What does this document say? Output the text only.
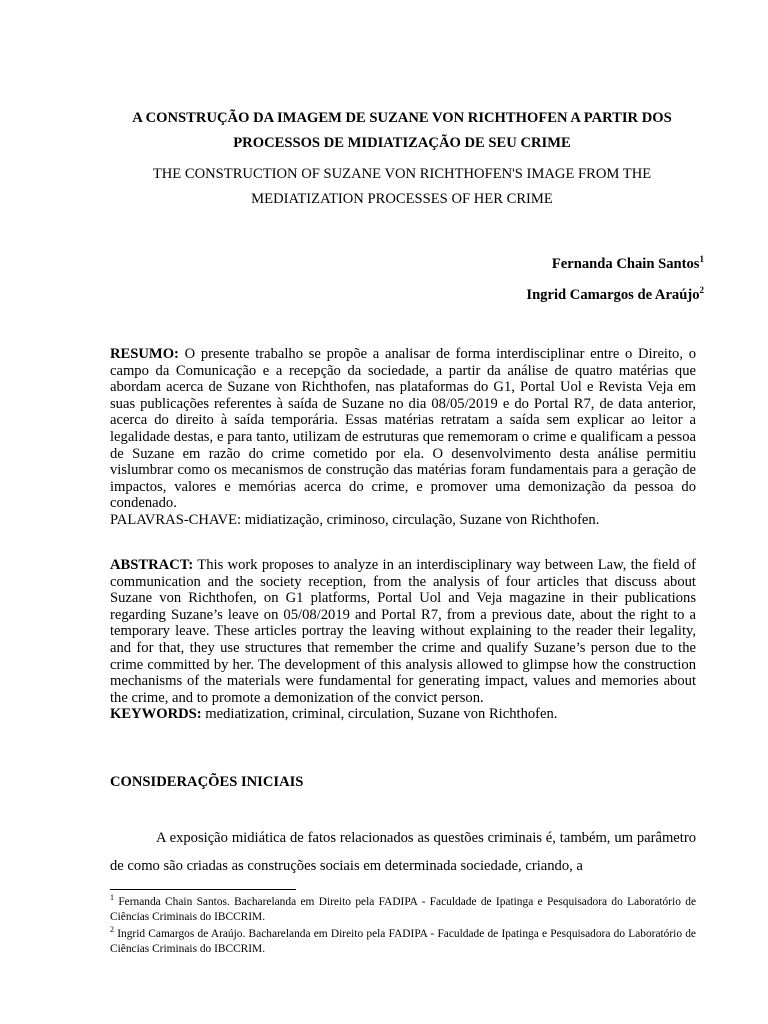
A CONSTRUÇÃO DA IMAGEM DE SUZANE VON RICHTHOFEN A PARTIR DOS PROCESSOS DE MIDIATIZAÇÃO DE SEU CRIME

THE CONSTRUCTION OF SUZANE VON RICHTHOFEN'S IMAGE FROM THE MEDIATIZATION PROCESSES OF HER CRIME

Fernanda Chain Santos$^1$

Ingrid Camargos de Araújo$^2$

RESUMO: O presente trabalho se propõe a analisar de forma interdisciplinar entre o Direito, o campo da Comunicação e a recepção da sociedade, a partir da análise de quatro matérias que abordam acerca de Suzane von Richthofen, nas plataformas do G1, Portal Uol e Revista Veja em suas publicações referentes à saída de Suzane no dia 08/05/2019 e do Portal R7, de data anterior, acerca do direito à saída temporária. Essas matérias retratam a saída sem explicar ao leitor a legalidade destas, e para tanto, utilizam de estruturas que rememoram o crime e qualificam a pessoa de Suzane em razão do crime cometido por ela. O desenvolvimento desta análise permitiu vislumbrar como os mecanismos de construção das matérias foram fundamentais para a geração de impactos, valores e memórias acerca do crime, e promover uma demonização da pessoa do condenado.
PALAVRAS-CHAVE: midiatização, criminoso, circulação, Suzane von Richthofen.
ABSTRACT: This work proposes to analyze in an interdisciplinary way between Law, the field of communication and the society reception, from the analysis of four articles that discuss about Suzane von Richthofen, on G1 platforms, Portal Uol and Veja magazine in their publications regarding Suzane’s leave on 05/08/2019 and Portal R7, from a previous date, about the right to a temporary leave. These articles portray the leaving without explaining to the reader their legality, and for that, they use structures that remember the crime and qualify Suzane’s person due to the crime committed by her. The development of this analysis allowed to glimpse how the construction mechanisms of the materials were fundamental for generating impact, values and memories about the crime, and to promote a demonization of the convict person.
KEYWORDS: mediatization, criminal, circulation, Suzane von Richthofen.

CONSIDERAÇÕES INICIAIS

A exposição midiática de fatos relacionados as questões criminais é, também, um parâmetro de como são criadas as construções sociais em determinada sociedade, criando, a

$^1$ Fernanda Chain Santos. Bacharelanda em Direito pela FADIPA - Faculdade de Ipatinga e Pesquisadora do Laboratório de Ciências Criminais do IBCCRIM.

$^2$ Ingrid Camargos de Araújo. Bacharelanda em Direito pela FADIPA - Faculdade de Ipatinga e Pesquisadora do Laboratório de Ciências Criminais do IBCCRIM.
